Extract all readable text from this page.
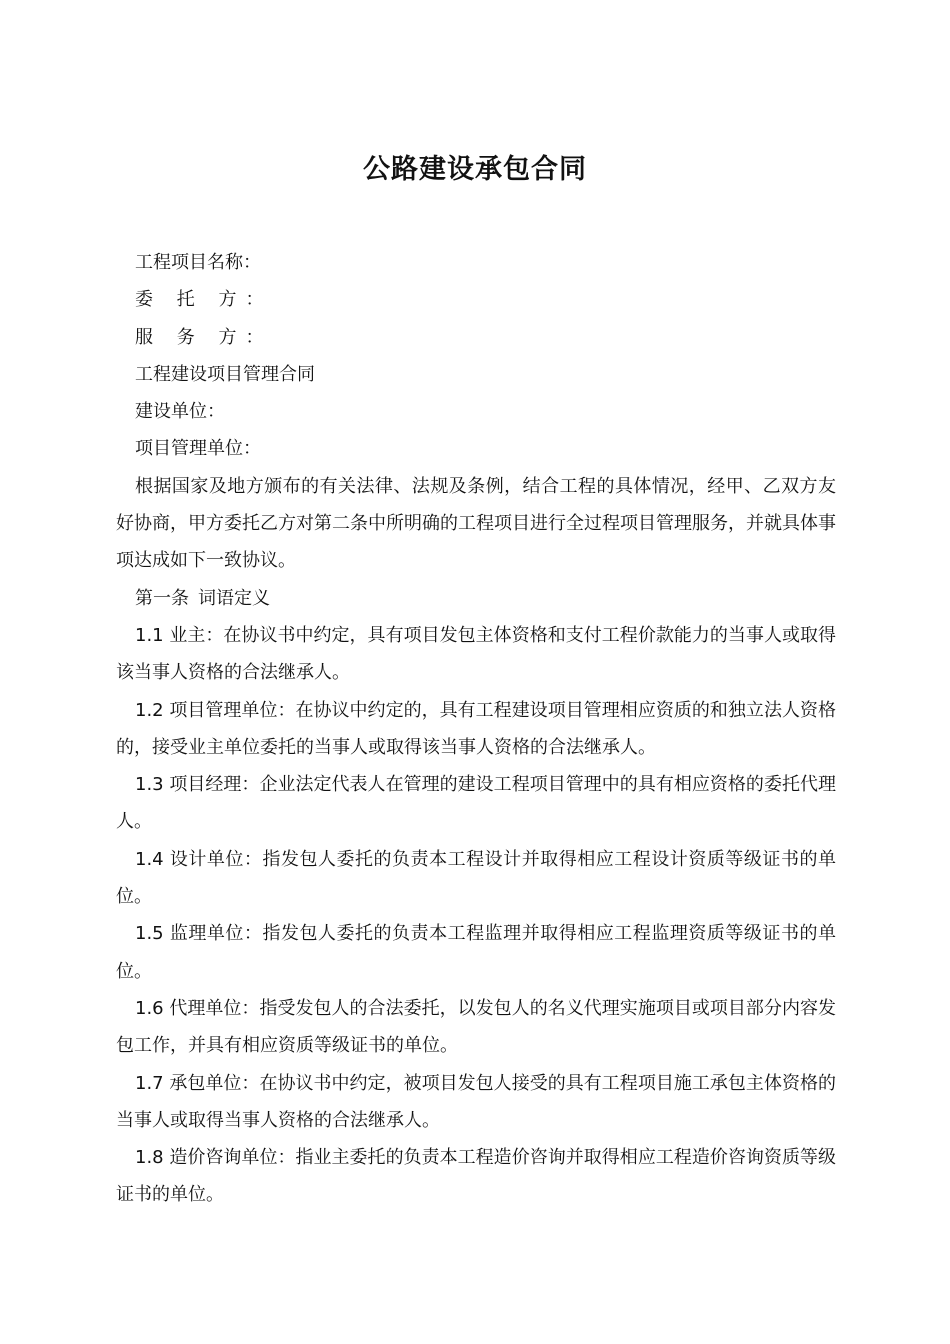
公路建设承包合同

工程项目名称：

委 托 方：

服 务 方：

工程建设项目管理合同

建设单位：

项目管理单位：

根据国家及地方颁布的有关法律、法规及条例，结合工程的具体情况，经甲、乙双方友好协商，甲方委托乙方对第二条中所明确的工程项目进行全过程项目管理服务，并就具体事项达成如下一致协议。

第一条 词语定义

1.1 业主：在协议书中约定，具有项目发包主体资格和支付工程价款能力的当事人或取得该当事人资格的合法继承人。

1.2 项目管理单位：在协议中约定的，具有工程建设项目管理相应资质的和独立法人资格的，接受业主单位委托的当事人或取得该当事人资格的合法继承人。

1.3 项目经理：企业法定代表人在管理的建设工程项目管理中的具有相应资格的委托代理人。

1.4 设计单位：指发包人委托的负责本工程设计并取得相应工程设计资质等级证书的单位。

1.5 监理单位：指发包人委托的负责本工程监理并取得相应工程监理资质等级证书的单位。

1.6 代理单位：指受发包人的合法委托，以发包人的名义代理实施项目或项目部分内容发包工作，并具有相应资质等级证书的单位。

1.7 承包单位：在协议书中约定，被项目发包人接受的具有工程项目施工承包主体资格的当事人或取得当事人资格的合法继承人。

1.8 造价咨询单位：指业主委托的负责本工程造价咨询并取得相应工程造价咨询资质等级证书的单位。
